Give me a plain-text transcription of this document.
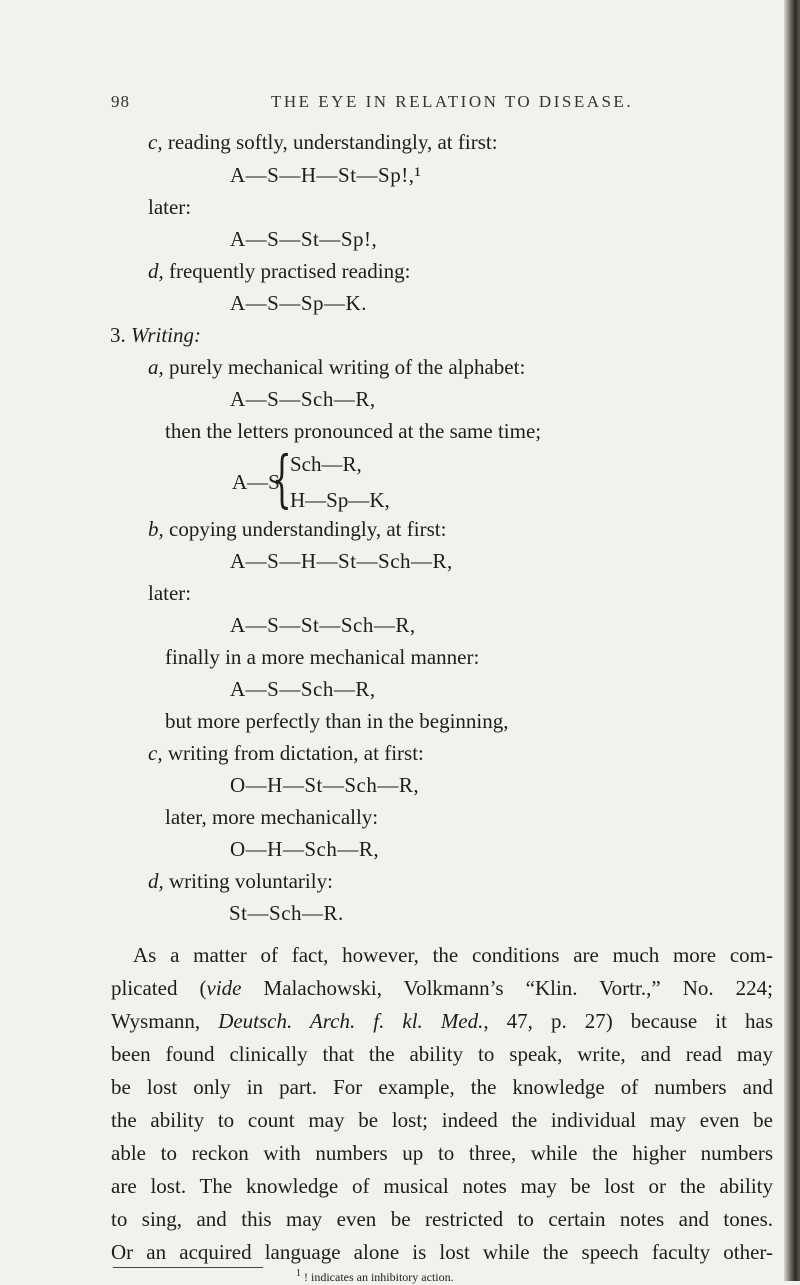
98	THE EYE IN RELATION TO DISEASE.
c, reading softly, understandingly, at first:
A—S—H—St—Sp!,¹
later:
A—S—St—Sp!,
d, frequently practised reading:
A—S—Sp—K.
3. Writing:
a, purely mechanical writing of the alphabet:
A—S—Sch—R,
then the letters pronounced at the same time;
A—S
{
Sch—R,
H—Sp—K,
b, copying understandingly, at first:
A—S—H—St—Sch—R,
later:
A—S—St—Sch—R,
finally in a more mechanical manner:
A—S—Sch—R,
but more perfectly than in the beginning,
c, writing from dictation, at first:
O—H—St—Sch—R,
later, more mechanically:
O—H—Sch—R,
d, writing voluntarily:
St—Sch—R.
As a matter of fact, however, the conditions are much more com-
plicated (vide Malachowski, Volkmann’s “Klin. Vortr.,” No. 224;
Wysmann, Deutsch. Arch. f. kl. Med., 47, p. 27) because it has
been found clinically that the ability to speak, write, and read may
be lost only in part. For example, the knowledge of numbers and
the ability to count may be lost; indeed the individual may even be
able to reckon with numbers up to three, while the higher numbers
are lost. The knowledge of musical notes may be lost or the ability
to sing, and this may even be restricted to certain notes and tones.
Or an acquired language alone is lost while the speech faculty other-
$^1$ ! indicates an inhibitory action.
